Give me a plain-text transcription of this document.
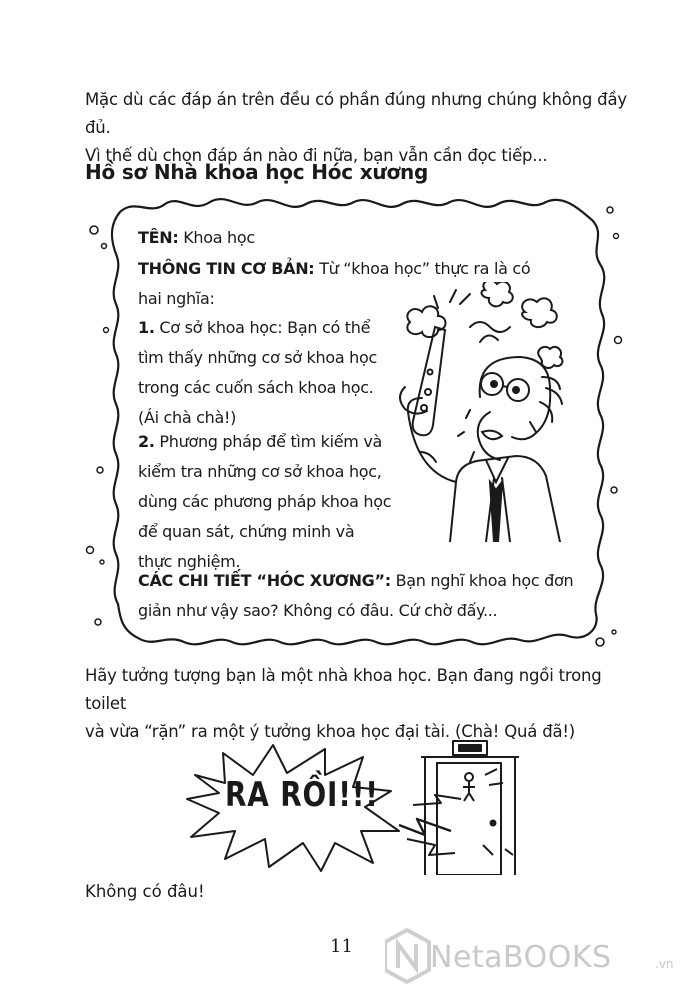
Mặc dù các đáp án trên đều có phần đúng nhưng chúng không đầy đủ.
Vì thế dù chọn đáp án nào đi nữa, bạn vẫn cần đọc tiếp...
Hồ sơ Nhà khoa học Hóc xương
TÊN: Khoa học
THÔNG TIN CƠ BẢN: Từ “khoa học” thực ra là có hai nghĩa:
1. Cơ sở khoa học: Bạn có thể tìm thấy những cơ sở khoa học trong các cuốn sách khoa học. (Ái chà chà!)
2. Phương pháp để tìm kiếm và kiểm tra những cơ sở khoa học, dùng các phương pháp khoa học để quan sát, chứng minh và thực nghiệm.
CÁC CHI TIẾT “HÓC XƯƠNG”: Bạn nghĩ khoa học đơn giản như vậy sao? Không có đâu. Cứ chờ đấy...
Hãy tưởng tượng bạn là một nhà khoa học. Bạn đang ngồi trong toilet
và vừa “rặn” ra một ý tưởng khoa học đại tài. (Chà! Quá đã!)
RA RỒI!!!
Không có đâu!
11	NetaBOOKS	.vn
